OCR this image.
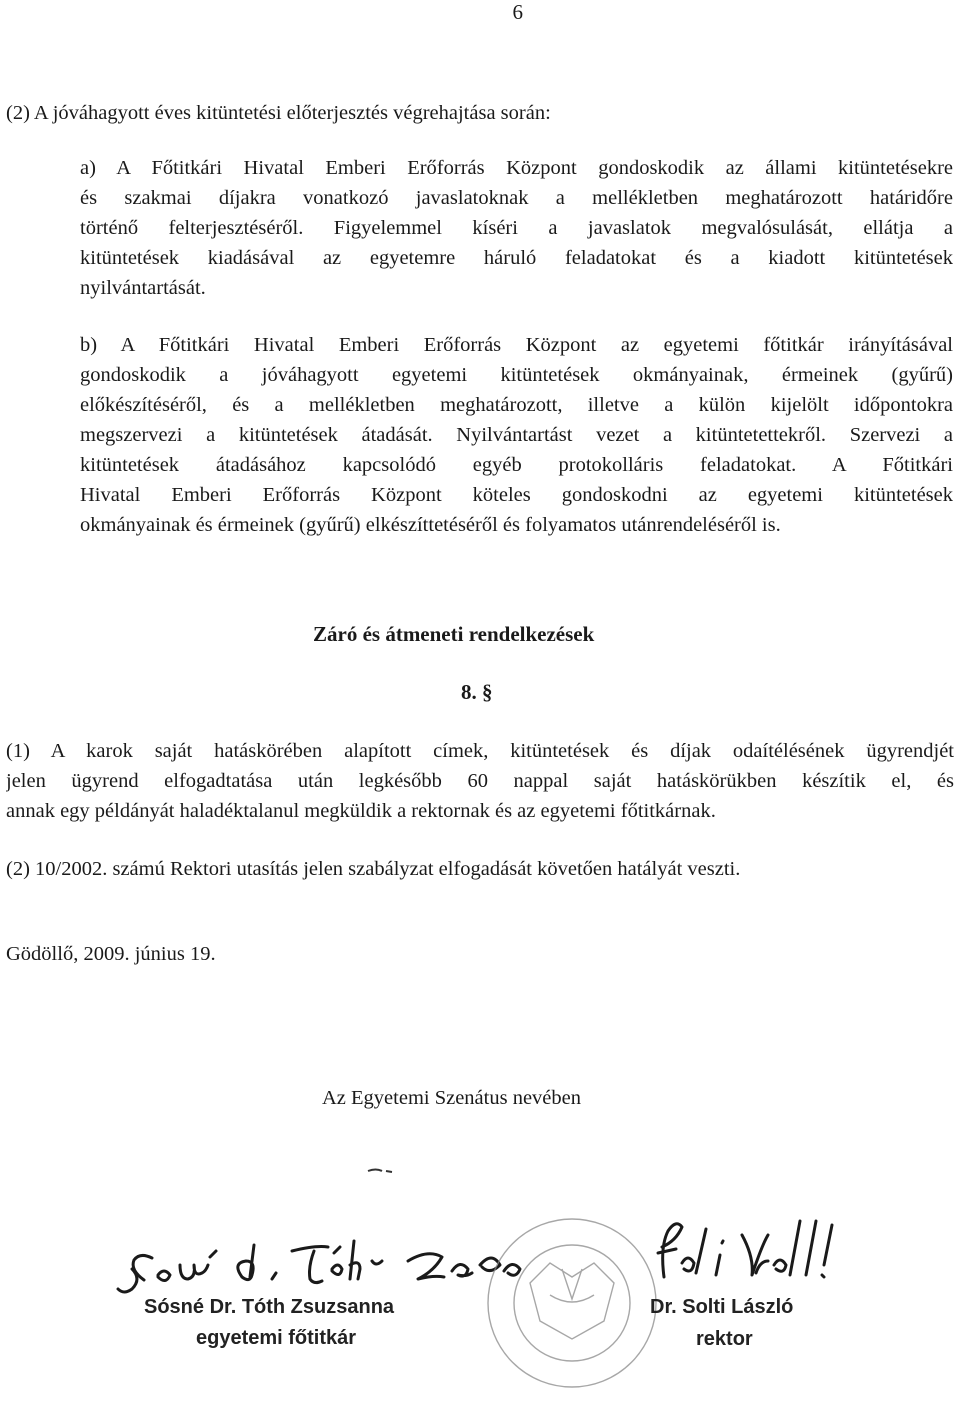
6
(2) A jóváhagyott éves kitüntetési előterjesztés végrehajtása során:
a) A Főtitkári Hivatal Emberi Erőforrás Központ gondoskodik az állami kitüntetésekre
és szakmai díjakra vonatkozó javaslatoknak a mellékletben meghatározott határidőre
történő felterjesztéséről. Figyelemmel kíséri a javaslatok megvalósulását, ellátja a
kitüntetések kiadásával az egyetemre háruló feladatokat és a kiadott kitüntetések
nyilvántartását.
b) A Főtitkári Hivatal Emberi Erőforrás Központ az egyetemi főtitkár irányításával
gondoskodik a jóváhagyott egyetemi kitüntetések okmányainak, érmeinek (gyűrű)
előkészítéséről, és a mellékletben meghatározott, illetve a külön kijelölt időpontokra
megszervezi a kitüntetések átadását. Nyilvántartást vezet a kitüntetettekről. Szervezi a
kitüntetések átadásához kapcsolódó egyéb protokolláris feladatokat. A Főtitkári
Hivatal Emberi Erőforrás Központ köteles gondoskodni az egyetemi kitüntetések
okmányainak és érmeinek (gyűrű) elkészíttetéséről és folyamatos utánrendeléséről is.
Záró és átmeneti rendelkezések
8. §
(1) A karok saját hatáskörében alapított címek, kitüntetések és díjak odaítélésének ügyrendjét
jelen ügyrend elfogadtatása után legkésőbb 60 nappal saját hatáskörükben készítik el, és
annak egy példányát haladéktalanul megküldik a rektornak és az egyetemi főtitkárnak.
(2) 10/2002. számú Rektori utasítás jelen szabályzat elfogadását követően hatályát veszti.
Gödöllő, 2009. június 19.
Az Egyetemi Szenátus nevében
Sósné Dr. Tóth Zsuzsanna
egyetemi főtitkár
Dr. Solti László
rektor
